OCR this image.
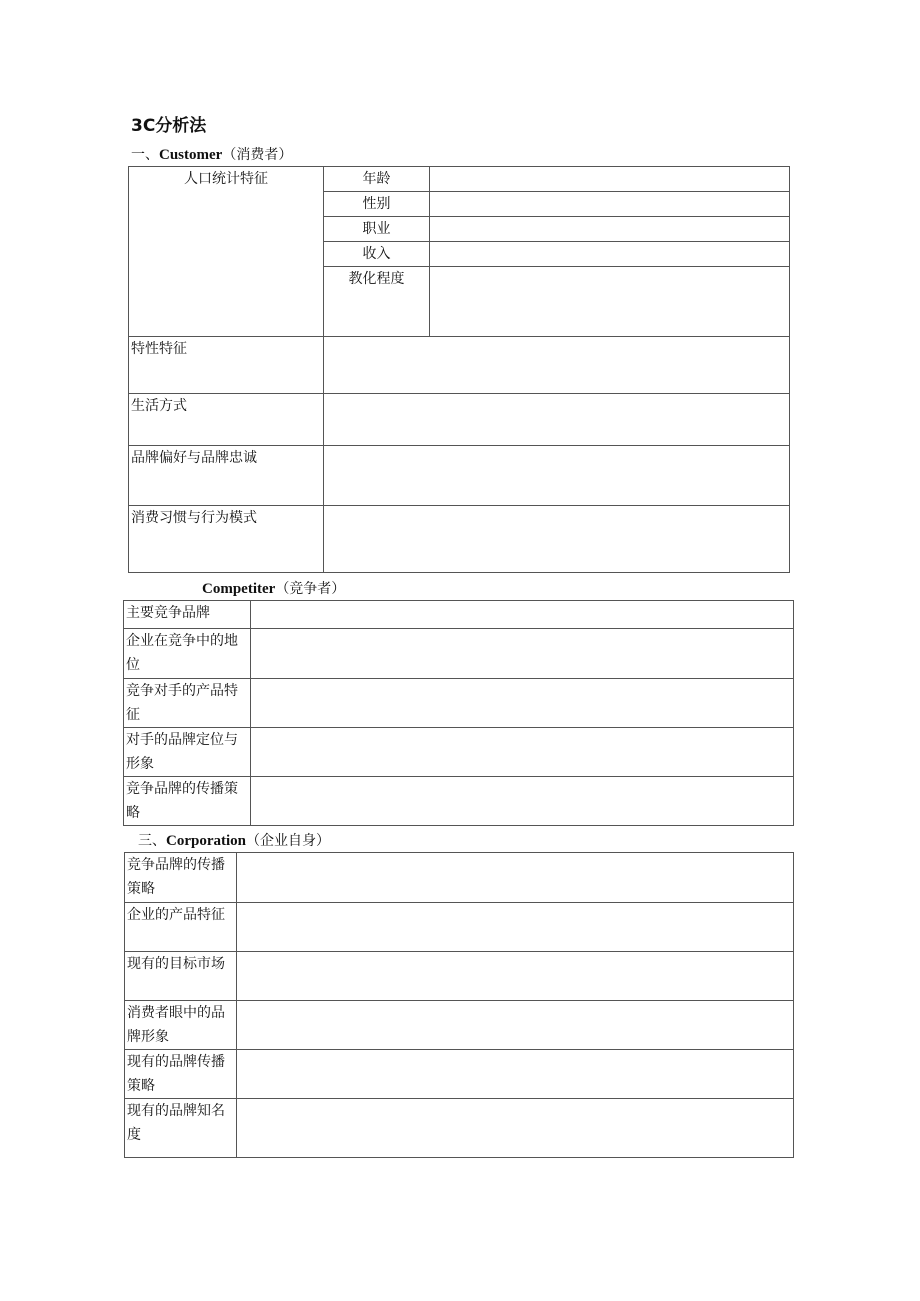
3C分析法
一、Customer（消费者）
人口统计特征	年龄	
	性别	
	职业	
	收入	
	教化程度	
特性特征		
生活方式		
品牌偏好与品牌忠诚		
消费习惯与行为模式		
Competiter（竞争者）
主要竞争品牌	
企业在竞争中的地位	
竞争对手的产品特征	
对手的品牌定位与形象	
竞争品牌的传播策略	
三、Corporation（企业自身）
竞争品牌的传播策略	
企业的产品特征	
现有的目标市场	
消费者眼中的品牌形象	
现有的品牌传播策略	
现有的品牌知名度	
